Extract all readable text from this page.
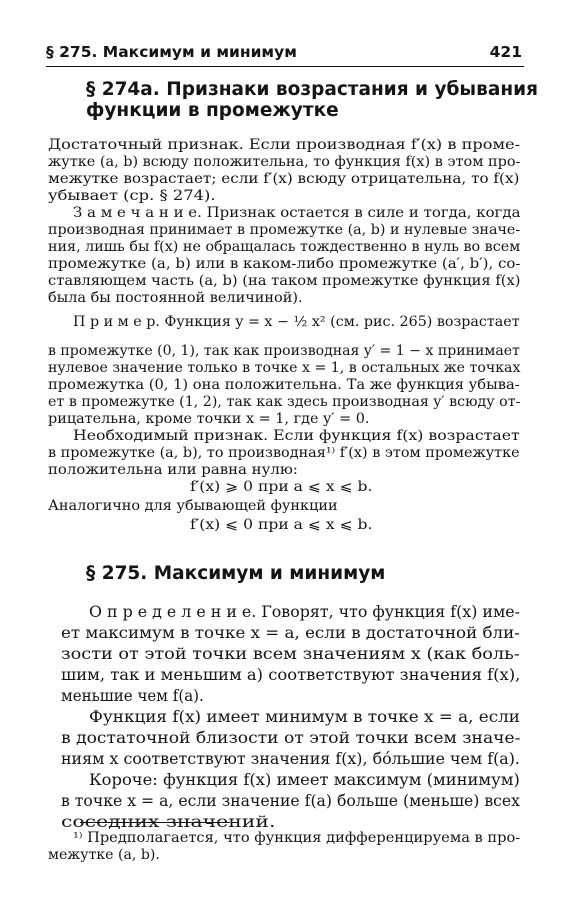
§ 275. Максимум и минимум	421
§ 274а. Признаки возрастания и убывания
функции в промежутке
Достаточный признак. Если производная f′(x) в проме-
жутке (a, b) всюду положительна, то функция f(x) в этом про-
межутке возрастает; если f′(x) всюду отрицательна, то f(x)
убывает (ср. § 274).
З а м е ч а н и е. Признак остается в силе и тогда, когда
производная принимает в промежутке (a, b) и нулевые значе-
ния, лишь бы f(x) не обращалась тождественно в нуль во всем
промежутке (a, b) или в каком-либо промежутке (a′, b′), со-
ставляющем часть (a, b) (на таком промежутке функция f(x)
была бы постоянной величиной).
П р и м е р. Функция y = x − ½ x² (см. рис. 265) возрастает
в промежутке (0, 1), так как производная y′ = 1 − x принимает
нулевое значение только в точке x = 1, в остальных же точках
промежутка (0, 1) она положительна. Та же функция убыва-
ет в промежутке (1, 2), так как здесь производная y′ всюду от-
рицательна, кроме точки x = 1, где y′ = 0.
Необходимый признак. Если функция f(x) возрастает
в промежутке (a, b), то производная¹⁾ f′(x) в этом промежутке
положительна или равна нулю:
f′(x) ⩾ 0 при a ⩽ x ⩽ b.
Аналогично для убывающей функции
f′(x) ⩽ 0 при a ⩽ x ⩽ b.
§ 275. Максимум и минимум
О п р е д е л е н и е. Говорят, что функция f(x) име-
ет максимум в точке x = a, если в достаточной бли-
зости от этой точки всем значениям x (как боль-
шим, так и меньшим a) соответствуют значения f(x),
меньшие чем f(a).
Функция f(x) имеет минимум в точке x = a, если
в достаточной близости от этой точки всем значе-
ниям x соответствуют значения f(x), бо́льшие чем f(a).
Короче: функция f(x) имеет максимум (минимум)
в точке x = a, если значение f(a) больше (меньше) всех
соседних значений.
¹⁾ Предполагается, что функция дифференцируема в про-
межутке (a, b).
